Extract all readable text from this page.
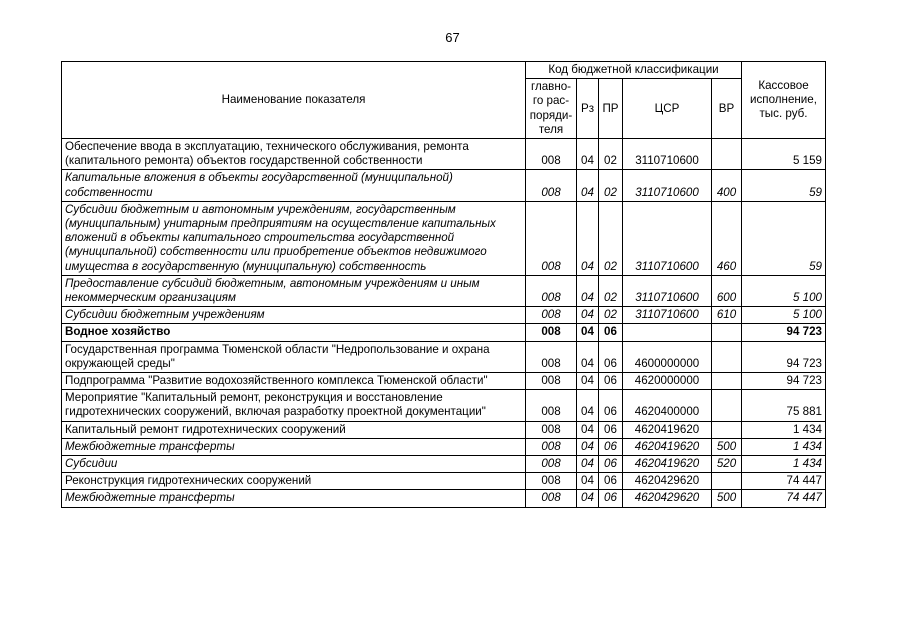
67
Наименование показателя	Код бюджетной классификации					Кассовое исполнение, тыс. руб.
	главно-го рас-поряди-теля	Рз	ПР	ЦСР	ВР	
Обеспечение ввода в эксплуатацию, технического обслуживания, ремонта (капитального ремонта) объектов государственной собственности	008	04	02	3110710600		5 159
Капитальные вложения в объекты государственной (муниципальной) собственности	008	04	02	3110710600	400	59
Субсидии бюджетным и автономным учреждениям, государственным (муниципальным) унитарным предприятиям на осуществление капитальных вложений в объекты капитального строительства государственной (муниципальной) собственности или приобретение объектов недвижимого имущества в государственную (муниципальную) собственность	008	04	02	3110710600	460	59
Предоставление субсидий бюджетным, автономным учреждениям и иным некоммерческим организациям	008	04	02	3110710600	600	5 100
Субсидии бюджетным учреждениям	008	04	02	3110710600	610	5 100
Водное хозяйство	008	04	06			94 723
Государственная программа Тюменской области "Недропользование и охрана окружающей среды"	008	04	06	4600000000		94 723
Подпрограмма "Развитие водохозяйственного комплекса Тюменской области"	008	04	06	4620000000		94 723
Мероприятие "Капитальный ремонт, реконструкция и восстановление гидротехнических сооружений, включая разработку проектной документации"	008	04	06	4620400000		75 881
Капитальный ремонт гидротехнических сооружений	008	04	06	4620419620		1 434
Межбюджетные трансферты	008	04	06	4620419620	500	1 434
Субсидии	008	04	06	4620419620	520	1 434
Реконструкция гидротехнических сооружений	008	04	06	4620429620		74 447
Межбюджетные трансферты	008	04	06	4620429620	500	74 447
